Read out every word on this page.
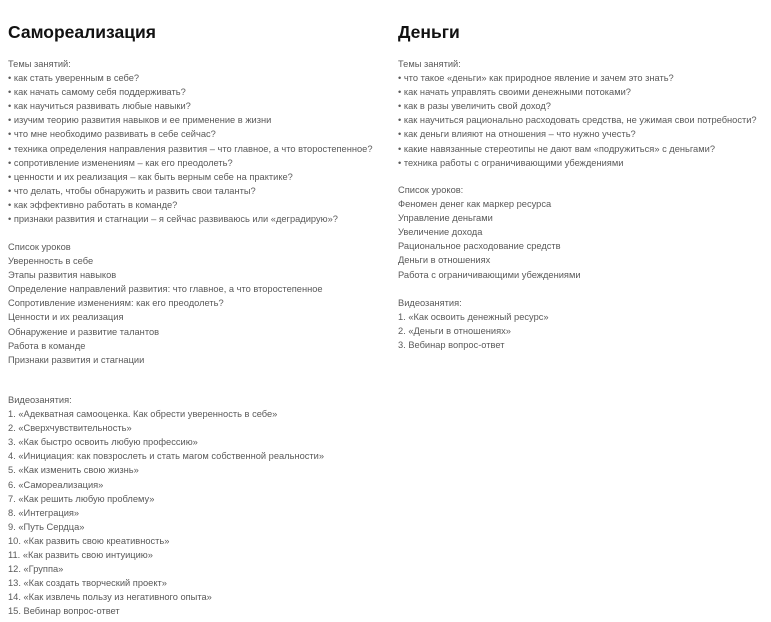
Самореализация
Темы занятий:
• как стать уверенным в себе?
• как начать самому себя поддерживать?
• как научиться развивать любые навыки?
• изучим теорию развития навыков и ее применение в жизни
• что мне необходимо развивать в себе сейчас?
• техника определения направления развития – что главное, а что второстепенное?
• сопротивление изменениям – как его преодолеть?
• ценности и их реализация – как быть верным себе на практике?
• что делать, чтобы обнаружить и развить свои таланты?
• как эффективно работать в команде?
• признаки развития и стагнации – я сейчас развиваюсь или «деградирую»?
Список уроков
Уверенность в себе
Этапы развития навыков
Определение направлений развития: что главное, а что второстепенное
Сопротивление изменениям: как его преодолеть?
Ценности и их реализация
Обнаружение и развитие талантов
Работа в команде
Признаки развития и стагнации
Видеозанятия:
1. «Адекватная самооценка. Как обрести уверенность в себе»
2. «Сверхчувствительность»
3. «Как быстро освоить любую профессию»
4. «Инициация: как повзрослеть и стать магом собственной реальности»
5. «Как изменить свою жизнь»
6. «Самореализация»
7. «Как решить любую проблему»
8. «Интеграция»
9. «Путь Сердца»
10. «Как развить свою креативность»
11. «Как развить свою интуицию»
12. «Группа»
13. «Как создать творческий проект»
14. «Как извлечь пользу из негативного опыта»
15. Вебинар вопрос-ответ
Деньги
Темы занятий:
• что такое «деньги» как природное явление и зачем это знать?
• как начать управлять своими денежными потоками?
• как в разы увеличить свой доход?
• как научиться рационально расходовать средства, не ужимая свои потребности?
• как деньги влияют на отношения – что нужно учесть?
• какие навязанные стереотипы не дают вам «подружиться» с деньгами?
• техника работы с ограничивающими убеждениями
Список уроков:
Феномен денег как маркер ресурса
Управление деньгами
Увеличение дохода
Рациональное расходование средств
Деньги в отношениях
Работа с ограничивающими убеждениями
Видеозанятия:
1. «Как освоить денежный ресурс»
2. «Деньги в отношениях»
3. Вебинар вопрос-ответ
